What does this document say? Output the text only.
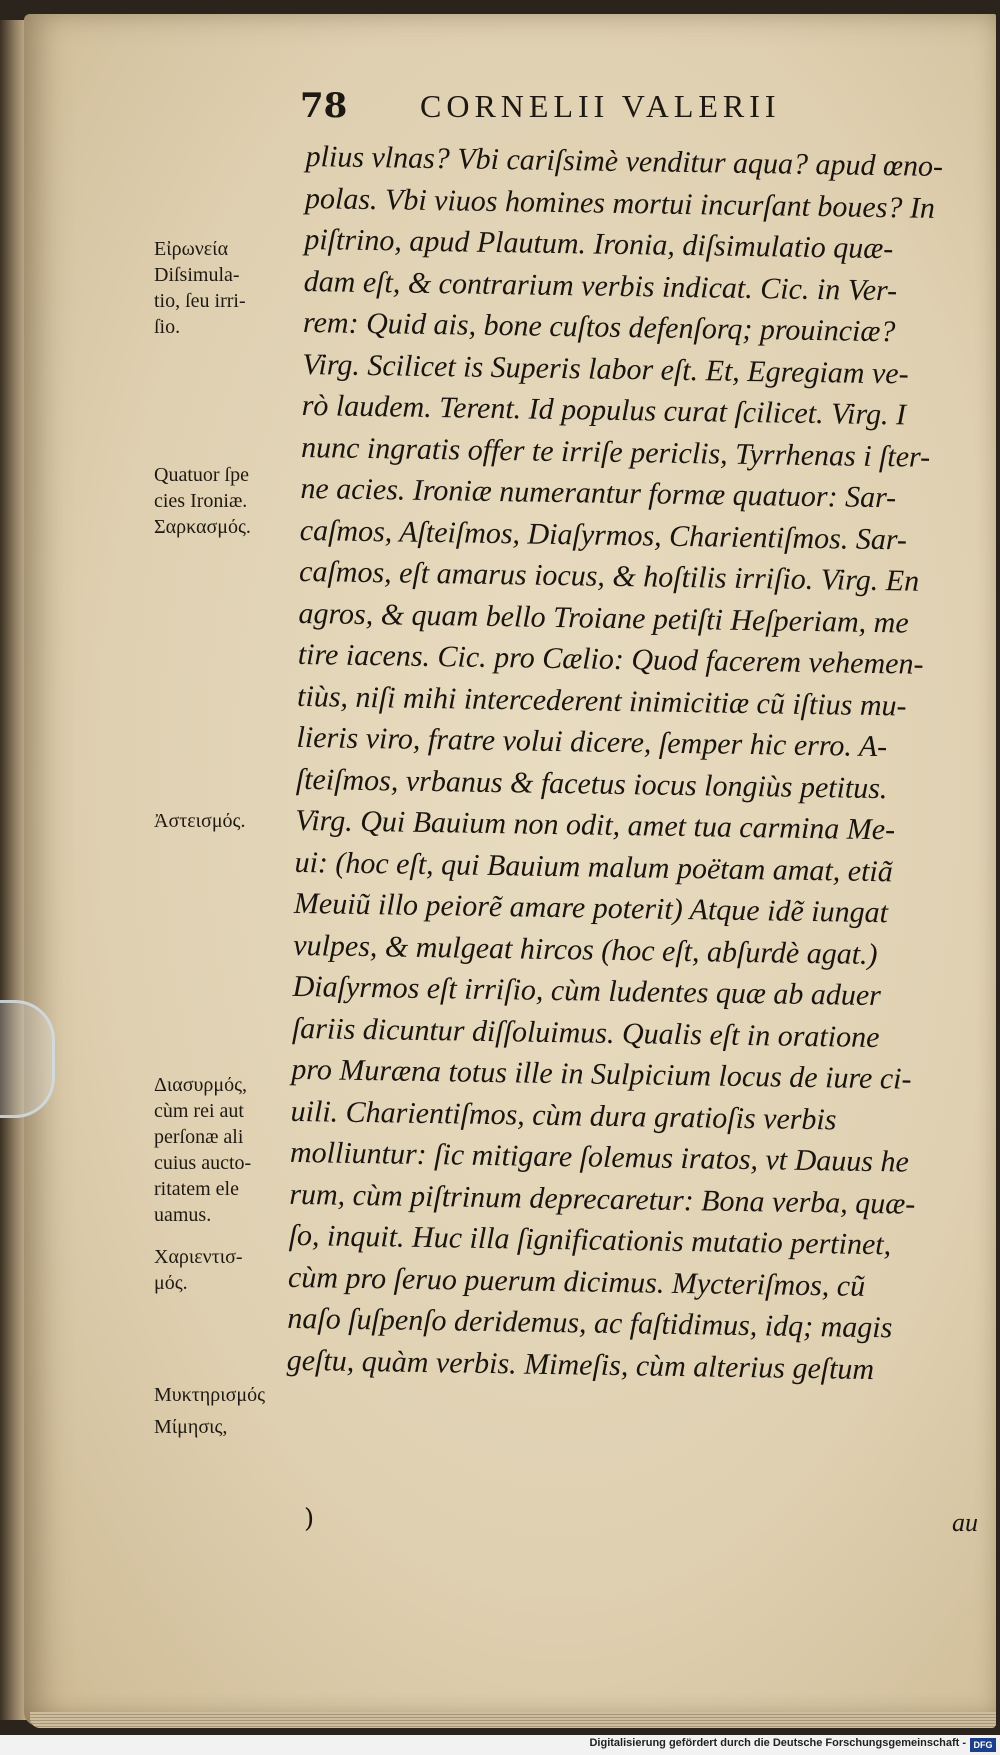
78 CORNELII VALERII
plius vlnas? Vbi cariſsimè venditur aqua? apud œno-
polas. Vbi viuos homines mortui incurſant boues? In
piſtrino, apud Plautum. Ironia, diſsimulatio quæ-
dam eſt, & contrarium verbis indicat. Cic. in Ver-
rem: Quid ais, bone cuſtos defenſorq; prouinciæ?
Virg. Scilicet is Superis labor eſt. Et, Egregiam ve-
rò laudem. Terent. Id populus curat ſcilicet. Virg. I
nunc ingratis offer te irriſe periclis, Tyrrhenas i ſter-
ne acies. Ironiæ numerantur formæ quatuor: Sar-
caſmos, Aſteiſmos, Diaſyrmos, Charientiſmos. Sar-
caſmos, eſt amarus iocus, & hoſtilis irriſio. Virg. En
agros, & quam bello Troiane petiſti Heſperiam, me
tire iacens. Cic. pro Cælio: Quod facerem vehemen-
tiùs, niſi mihi intercederent inimicitiæ cũ iſtius mu-
lieris viro, fratre volui dicere, ſemper hic erro. A-
ſteiſmos, vrbanus & facetus iocus longiùs petitus.
Virg. Qui Bauium non odit, amet tua carmina Me-
ui: (hoc eſt, qui Bauium malum poëtam amat, etiã
Meuiũ illo peiorẽ amare poterit) Atque idẽ iungat
vulpes, & mulgeat hircos (hoc eſt, abſurdè agat.)
Diaſyrmos eſt irriſio, cùm ludentes quæ ab aduer
ſariis dicuntur diſſoluimus. Qualis eſt in oratione
pro Muræna totus ille in Sulpicium locus de iure ci-
uili. Charientiſmos, cùm dura gratioſis verbis
molliuntur: ſic mitigare ſolemus iratos, vt Dauus he
rum, cùm piſtrinum deprecaretur: Bona verba, quæ-
ſo, inquit. Huc illa ſignificationis mutatio pertinet,
cùm pro ſeruo puerum dicimus. Mycteriſmos, cũ
naſo ſuſpenſo deridemus, ac faſtidimus, idq; magis
geſtu, quàm verbis. Mimeſis, cùm alterius geſtum
Εἰρωνεία
Diſsimula-
tio, ſeu irri-
ſio.
Quatuor ſpe
cies Ironiæ.
Σαρκασμός.
Ἀστεισμός.
Διασυρμός,
cùm rei aut
perſonæ ali
cuius aucto-
ritatem ele
uamus.
Χαριεντισ-
μός.
Μυκτηρισμός
Μίμησις,
)	au
Digitalisierung gefördert durch die Deutsche Forschungsgemeinschaft - DFG
